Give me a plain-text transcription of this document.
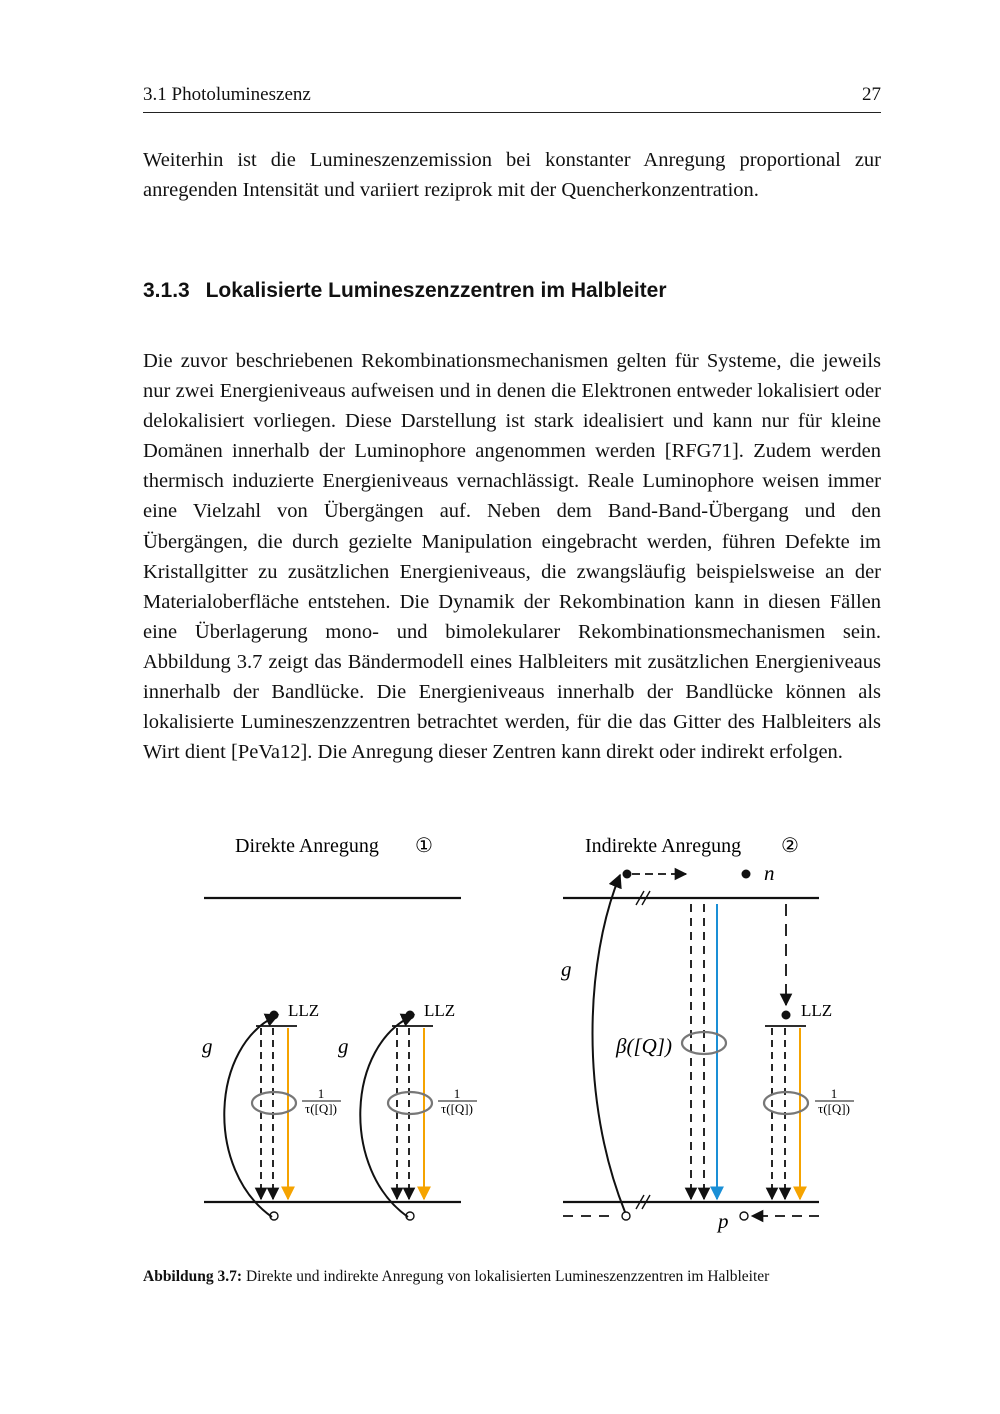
3.1 Photolumineszenz	27

Weiterhin ist die Lumineszenzemission bei konstanter Anregung proportional zur anregenden Intensität und variiert reziprok mit der Quencherkonzentration.

3.1.3 Lokalisierte Lumineszenzzentren im Halbleiter

Die zuvor beschriebenen Rekombinationsmechanismen gelten für Systeme, die jeweils nur zwei Energieniveaus aufweisen und in denen die Elektronen entweder lokalisiert oder delokalisiert vorliegen. Diese Darstellung ist stark idealisiert und kann nur für kleine Domänen innerhalb der Luminophore angenommen werden [RFG71]. Zudem werden thermisch induzierte Energieniveaus vernachlässigt. Reale Luminophore weisen immer eine Vielzahl von Übergängen auf. Neben dem Band-Band-Übergang und den Übergängen, die durch gezielte Manipulation eingebracht werden, führen Defekte im Kristallgitter zu zusätzlichen Energieniveaus, die zwangsläufig beispielsweise an der Materialoberfläche entstehen. Die Dynamik der Rekombination kann in diesen Fällen eine Überlagerung mono- und bimolekularer Rekombinationsmechanismen sein. Abbildung 3.7 zeigt das Bändermodell eines Halbleiters mit zusätzlichen Energieniveaus innerhalb der Bandlücke. Die Energieniveaus innerhalb der Bandlücke können als lokalisierte Lumineszenzzentren betrachtet werden, für die das Gitter des Halbleiters als Wirt dient [PeVa12]. Die Anregung dieser Zentren kann direkt oder indirekt erfolgen.

Direkte Anregung ①	Indirekte Anregung ②
LLZ
g
1
τ([Q])
LLZ
g
1
τ([Q])
n
g
p
β([Q])
LLZ
1
τ([Q])
Abbildung 3.7: Direkte und indirekte Anregung von lokalisierten Lumineszenzzentren im Halbleiter
